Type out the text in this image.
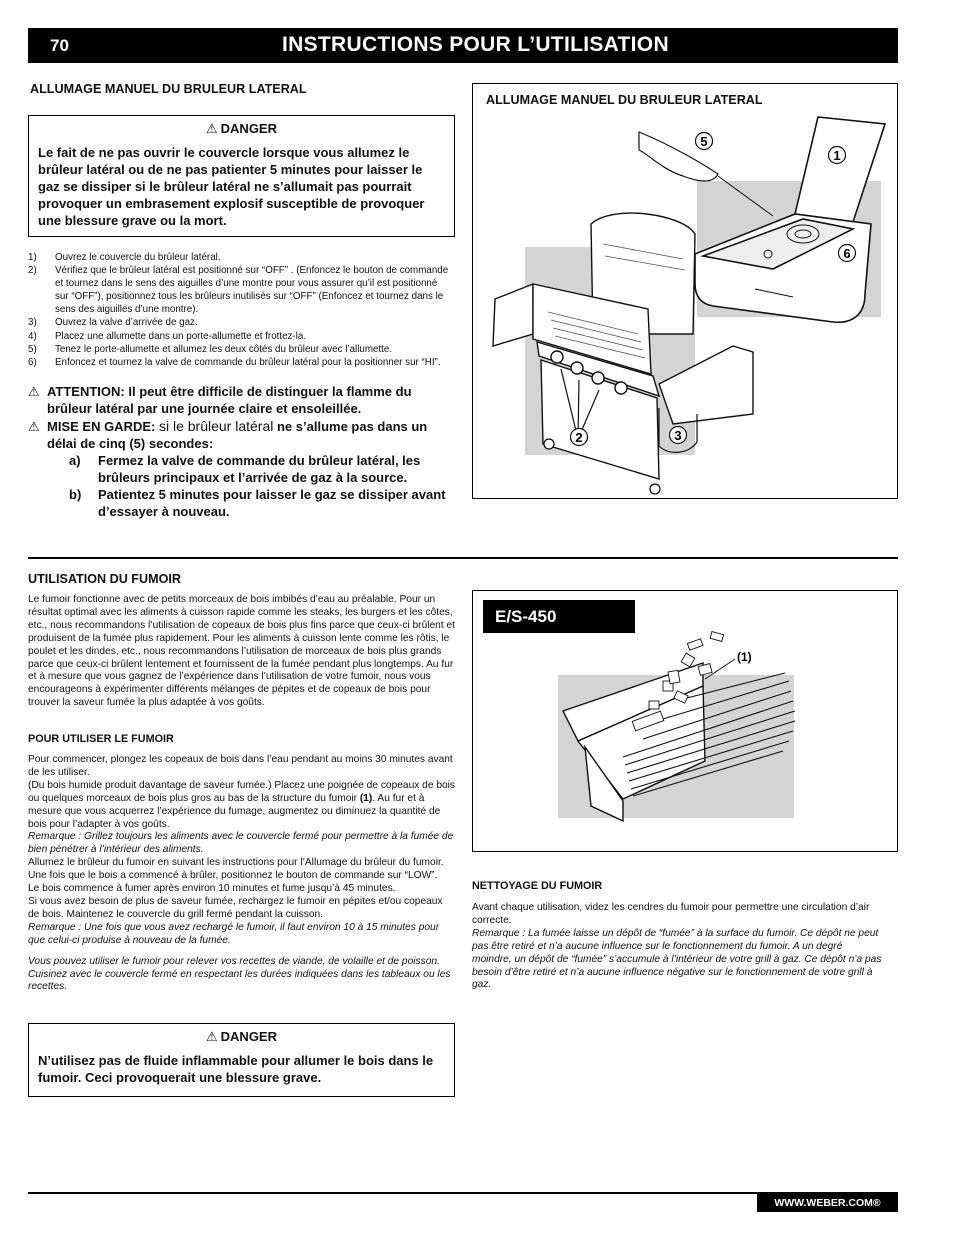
70	INSTRUCTIONS POUR L’UTILISATION
ALLUMAGE MANUEL DU BRULEUR LATERAL
⚠ DANGER
Le fait de ne pas ouvrir le couvercle lorsque vous allumez le brûleur latéral ou de ne pas patienter 5 minutes pour laisser le gaz se dissiper si le brûleur latéral ne s’allumait pas pourrait provoquer un embrasement explosif susceptible de provoquer une blessure grave ou la mort.
1) Ouvrez le couvercle du brûleur latéral.
2) Vérifiez que le brûleur latéral est positionné sur “OFF” . (Enfoncez le bouton de commande et tournez dans le sens des aiguilles d’une montre pour vous assurer qu’il est positionné sur “OFF”), positionnez tous les brûleurs inutilisés sur “OFF” (Enfoncez et tournez dans le sens des aiguilles d’une montre).
3) Ouvrez la valve d’arrivée de gaz.
4) Placez une allumette dans un porte-allumette et frottez-la.
5) Tenez le porte-allumette et allumez les deux côtés du brûleur avec l’allumette.
6) Enfoncez et tournez la valve de commande du brûleur latéral pour la positionner sur “HI”.
⚠ ATTENTION: Il peut être difficile de distinguer la flamme du brûleur latéral par une journée claire et ensoleillée.
⚠ MISE EN GARDE: si le brûleur latéral ne s’allume pas dans un délai de cinq (5) secondes:
a)	Fermez la valve de commande du brûleur latéral, les brûleurs principaux et l’arrivée de gaz à la source.
b)	Patientez 5 minutes pour laisser le gaz se dissiper avant d’essayer à nouveau.
ALLUMAGE MANUEL DU BRULEUR LATERAL
5
1
6
2	3
UTILISATION DU FUMOIR

Le fumoir fonctionne avec de petits morceaux de bois imbibés d’eau au préalable. Pour un résultat optimal avec les aliments à cuisson rapide comme les steaks, les burgers et les côtes, etc., nous recommandons l’utilisation de copeaux de bois plus fins parce que ceux-ci brûlent et produisent de la fumée plus rapidement. Pour les aliments à cuisson lente comme les rôtis, le poulet et les dindes, etc., nous recommandons l’utilisation de morceaux de bois plus grands parce que ceux-ci brûlent lentement et fournissent de la fumée pendant plus longtemps. Au fur et à mesure que vous gagnez de l’expérience dans l’utilisation de votre fumoir, nous vous encourageons à expérimenter différents mélanges de pépites et de copeaux de bois pour trouver la saveur fumée la plus adaptée à vos goûts.

POUR UTILISER LE FUMOIR

Pour commencer, plongez les copeaux de bois dans l’eau pendant au moins 30 minutes avant de les utiliser.

(Du bois humide produit davantage de saveur fumée.) Placez une poignée de copeaux de bois ou quelques morceaux de bois plus gros au bas de la structure du fumoir (1). Au fur et à mesure que vous acquerrez l’expérience du fumage, augmentez ou diminuez la quantité de bois pour l’adapter à vos goûts.

Remarque : Grillez toujours les aliments avec le couvercle fermé pour permettre à la fumée de bien pénétrer à l’intérieur des aliments.

Allumez le brûleur du fumoir en suivant les instructions pour l’Allumage du brûleur du fumoir. Une fois que le bois a commencé à brûler, positionnez le bouton de commande sur “LOW”.

Le bois commence à fumer après environ 10 minutes et fume jusqu’à 45 minutes.

Si vous avez besoin de plus de saveur fumée, rechargez le fumoir en pépites et/ou copeaux de bois. Maintenez le couvercle du grill fermé pendant la cuisson.

Remarque : Une fois que vous avez rechargé le fumoir, il faut environ 10 à 15 minutes pour que celui-ci produise à nouveau de la fumée.

Vous pouvez utiliser le fumoir pour relever vos recettes de viande, de volaille et de poisson. Cuisinez avec le couvercle fermé en respectant les durées indiquées dans les tableaux ou les recettes.

⚠ DANGER
N’utilisez pas de fluide inflammable pour allumer le bois dans le fumoir. Ceci provoquerait une blessure grave.
E/S-450
(1)
NETTOYAGE DU FUMOIR

Avant chaque utilisation, videz les cendres du fumoir pour permettre une circulation d’air correcte.

Remarque : La fumée laisse un dépôt de “fumée” à la surface du fumoir. Ce dépôt ne peut pas être retiré et n’a aucune influence sur le fonctionnement du fumoir. A un degré moindre, un dépôt de “fumée” s’accumule à l’intérieur de votre grill à gaz. Ce dépôt n’a pas besoin d’être retiré et n’a aucune influence négative sur le fonctionnement de votre grill à gaz.

WWW.WEBER.COM®
